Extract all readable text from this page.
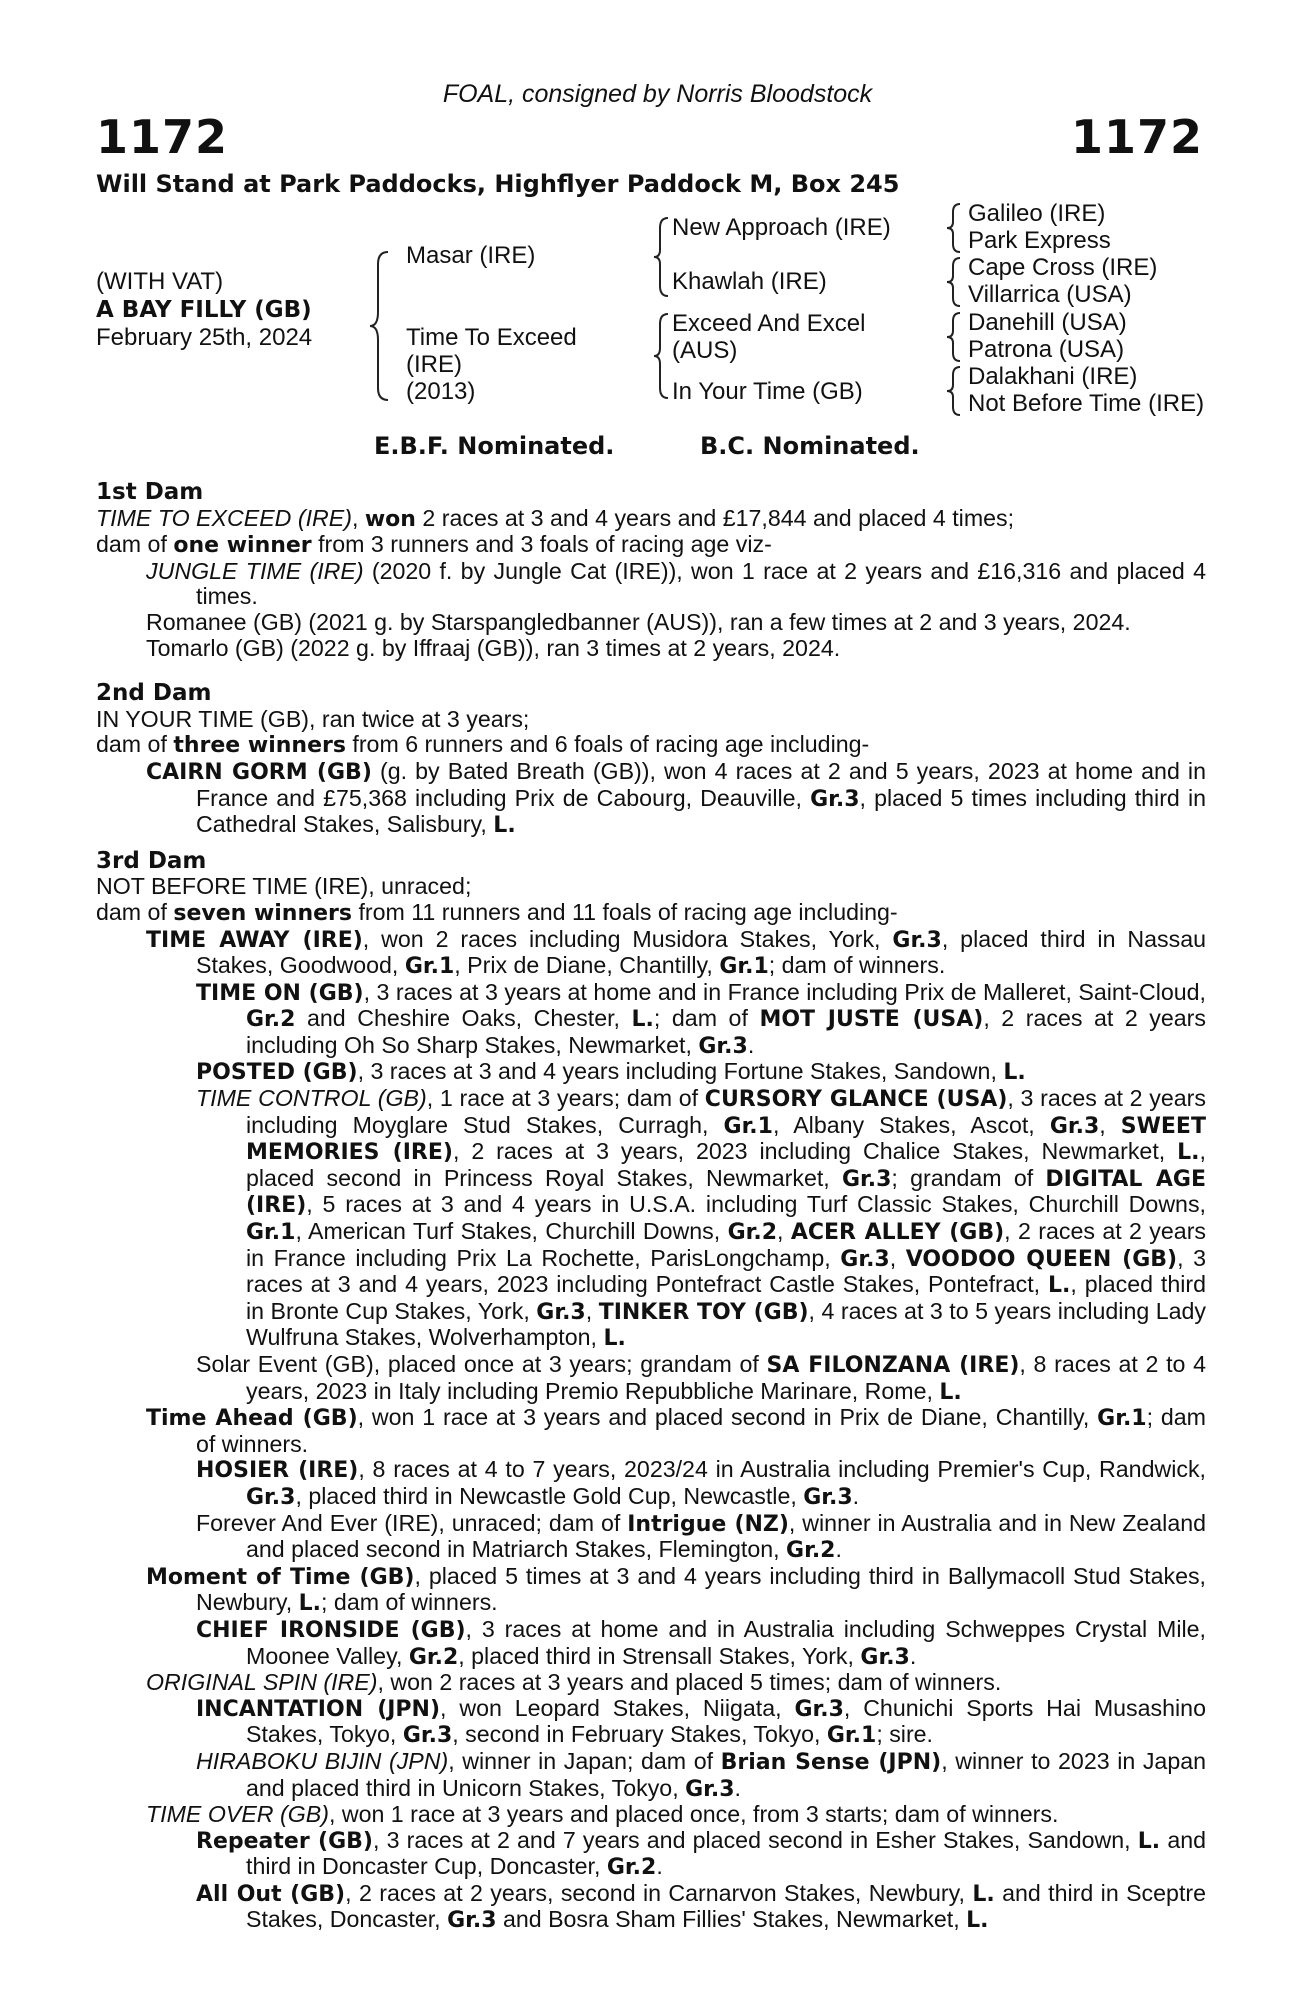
FOAL, consigned by Norris Bloodstock
1172	1172
Will Stand at Park Paddocks, Highflyer Paddock M, Box 245
(WITH VAT)
A BAY FILLY (GB)
February 25th, 2024
Masar (IRE)
Time To Exceed
(IRE)
(2013)
New Approach (IRE)
Khawlah (IRE)
Exceed And Excel
(AUS)
In Your Time (GB)
Galileo (IRE)
Park Express
Cape Cross (IRE)
Villarrica (USA)
Danehill (USA)
Patrona (USA)
Dalakhani (IRE)
Not Before Time (IRE)
E.B.F. Nominated.	B.C. Nominated.
1st Dam
TIME TO EXCEED (IRE), won 2 races at 3 and 4 years and £17,844 and placed 4 times;
dam of one winner from 3 runners and 3 foals of racing age viz-
JUNGLE TIME (IRE) (2020 f. by Jungle Cat (IRE)), won 1 race at 2 years and £16,316 and placed 4 times.
Romanee (GB) (2021 g. by Starspangledbanner (AUS)), ran a few times at 2 and 3 years, 2024.
Tomarlo (GB) (2022 g. by Iffraaj (GB)), ran 3 times at 2 years, 2024.
2nd Dam
IN YOUR TIME (GB), ran twice at 3 years;
dam of three winners from 6 runners and 6 foals of racing age including-
CAIRN GORM (GB) (g. by Bated Breath (GB)), won 4 races at 2 and 5 years, 2023 at home and in France and £75,368 including Prix de Cabourg, Deauville, Gr.3, placed 5 times including third in Cathedral Stakes, Salisbury, L.
3rd Dam
NOT BEFORE TIME (IRE), unraced;
dam of seven winners from 11 runners and 11 foals of racing age including-
TIME AWAY (IRE), won 2 races including Musidora Stakes, York, Gr.3, placed third in Nassau Stakes, Goodwood, Gr.1, Prix de Diane, Chantilly, Gr.1; dam of winners.
TIME ON (GB), 3 races at 3 years at home and in France including Prix de Malleret, Saint-Cloud, Gr.2 and Cheshire Oaks, Chester, L.; dam of MOT JUSTE (USA), 2 races at 2 years including Oh So Sharp Stakes, Newmarket, Gr.3.
POSTED (GB), 3 races at 3 and 4 years including Fortune Stakes, Sandown, L.
TIME CONTROL (GB), 1 race at 3 years; dam of CURSORY GLANCE (USA), 3 races at 2 years including Moyglare Stud Stakes, Curragh, Gr.1, Albany Stakes, Ascot, Gr.3, SWEET MEMORIES (IRE), 2 races at 3 years, 2023 including Chalice Stakes, Newmarket, L., placed second in Princess Royal Stakes, Newmarket, Gr.3; grandam of DIGITAL AGE (IRE), 5 races at 3 and 4 years in U.S.A. including Turf Classic Stakes, Churchill Downs, Gr.1, American Turf Stakes, Churchill Downs, Gr.2, ACER ALLEY (GB), 2 races at 2 years in France including Prix La Rochette, ParisLongchamp, Gr.3, VOODOO QUEEN (GB), 3 races at 3 and 4 years, 2023 including Pontefract Castle Stakes, Pontefract, L., placed third in Bronte Cup Stakes, York, Gr.3, TINKER TOY (GB), 4 races at 3 to 5 years including Lady Wulfruna Stakes, Wolverhampton, L.
Solar Event (GB), placed once at 3 years; grandam of SA FILONZANA (IRE), 8 races at 2 to 4 years, 2023 in Italy including Premio Repubbliche Marinare, Rome, L.
Time Ahead (GB), won 1 race at 3 years and placed second in Prix de Diane, Chantilly, Gr.1; dam of winners.
HOSIER (IRE), 8 races at 4 to 7 years, 2023/24 in Australia including Premier's Cup, Randwick, Gr.3, placed third in Newcastle Gold Cup, Newcastle, Gr.3.
Forever And Ever (IRE), unraced; dam of Intrigue (NZ), winner in Australia and in New Zealand and placed second in Matriarch Stakes, Flemington, Gr.2.
Moment of Time (GB), placed 5 times at 3 and 4 years including third in Ballymacoll Stud Stakes, Newbury, L.; dam of winners.
CHIEF IRONSIDE (GB), 3 races at home and in Australia including Schweppes Crystal Mile, Moonee Valley, Gr.2, placed third in Strensall Stakes, York, Gr.3.
ORIGINAL SPIN (IRE), won 2 races at 3 years and placed 5 times; dam of winners.
INCANTATION (JPN), won Leopard Stakes, Niigata, Gr.3, Chunichi Sports Hai Musashino Stakes, Tokyo, Gr.3, second in February Stakes, Tokyo, Gr.1; sire.
HIRABOKU BIJIN (JPN), winner in Japan; dam of Brian Sense (JPN), winner to 2023 in Japan and placed third in Unicorn Stakes, Tokyo, Gr.3.
TIME OVER (GB), won 1 race at 3 years and placed once, from 3 starts; dam of winners.
Repeater (GB), 3 races at 2 and 7 years and placed second in Esher Stakes, Sandown, L. and third in Doncaster Cup, Doncaster, Gr.2.
All Out (GB), 2 races at 2 years, second in Carnarvon Stakes, Newbury, L. and third in Sceptre Stakes, Doncaster, Gr.3 and Bosra Sham Fillies' Stakes, Newmarket, L.
